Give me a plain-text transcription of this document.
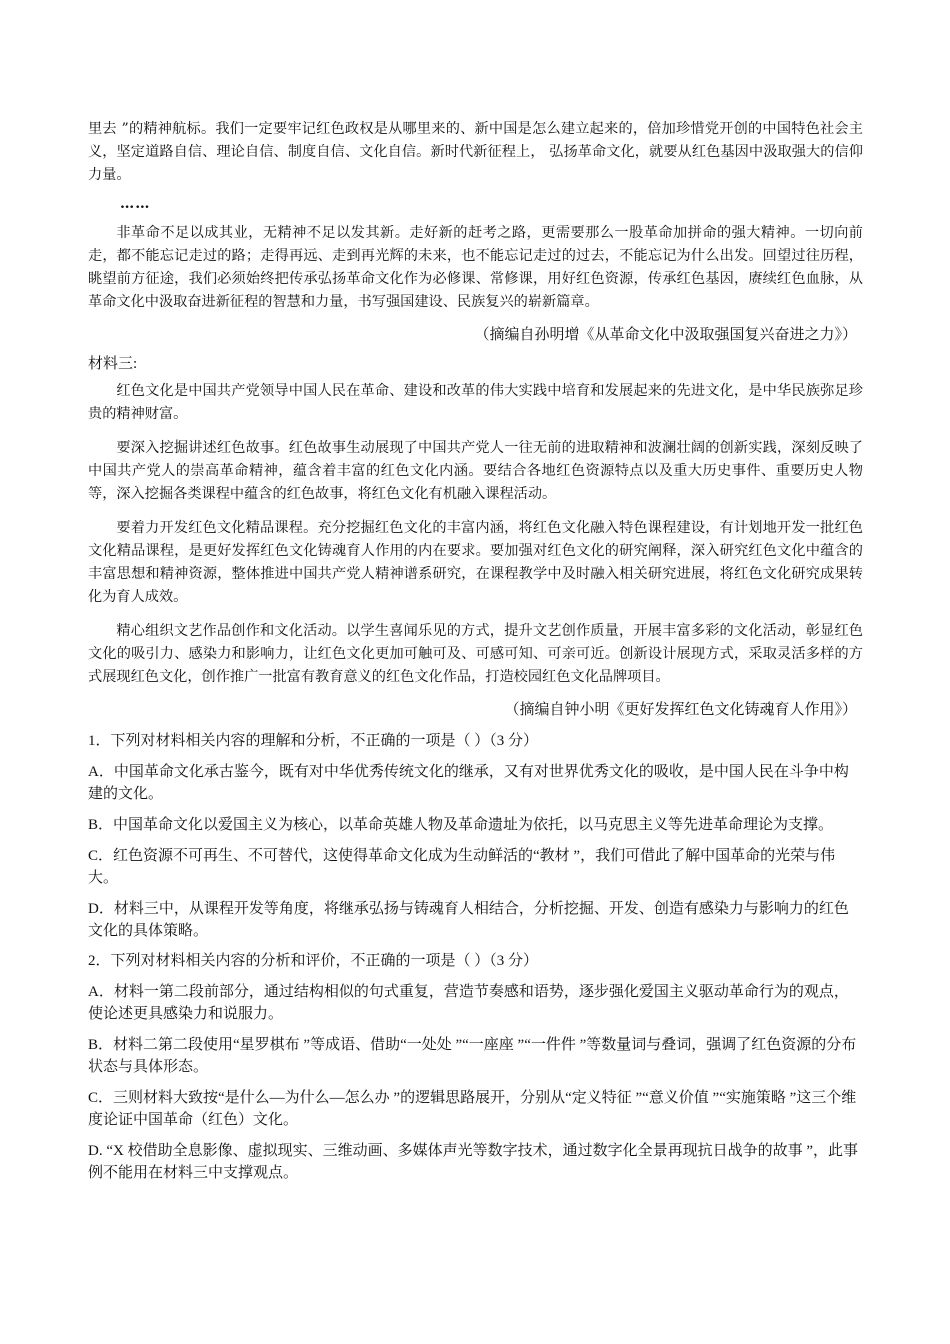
里去 ”的精神航标。我们一定要牢记红色政权是从哪里来的、新中国是怎么建立起来的，倍加珍惜党开创的中国特色社会主义，坚定道路自信、理论自信、制度自信、文化自信。新时代新征程上， 弘扬革命文化，就要从红色基因中汲取强大的信仰力量。

……

非革命不足以成其业，无精神不足以发其新。走好新的赶考之路，更需要那么一股革命加拼命的强大精神。一切向前走，都不能忘记走过的路；走得再远、走到再光辉的未来，也不能忘记走过的过去，不能忘记为什么出发。回望过往历程， 眺望前方征途，我们必须始终把传承弘扬革命文化作为必修课、常修课，用好红色资源，传承红色基因，赓续红色血脉，从革命文化中汲取奋进新征程的智慧和力量，书写强国建设、民族复兴的崭新篇章。

（摘编自孙明增《从革命文化中汲取强国复兴奋进之力》）

材料三:

红色文化是中国共产党领导中国人民在革命、建设和改革的伟大实践中培育和发展起来的先进文化，是中华民族弥足珍贵的精神财富。

要深入挖掘讲述红色故事。红色故事生动展现了中国共产党人一往无前的进取精神和波澜壮阔的创新实践，深刻反映了中国共产党人的崇高革命精神，蕴含着丰富的红色文化内涵。要结合各地红色资源特点以及重大历史事件、重要历史人物等，深入挖掘各类课程中蕴含的红色故事，将红色文化有机融入课程活动。

要着力开发红色文化精品课程。充分挖掘红色文化的丰富内涵，将红色文化融入特色课程建设，有计划地开发一批红色文化精品课程，是更好发挥红色文化铸魂育人作用的内在要求。要加强对红色文化的研究阐释，深入研究红色文化中蕴含的丰富思想和精神资源，整体推进中国共产党人精神谱系研究，在课程教学中及时融入相关研究进展，将红色文化研究成果转化为育人成效。

精心组织文艺作品创作和文化活动。以学生喜闻乐见的方式，提升文艺创作质量，开展丰富多彩的文化活动，彰显红色文化的吸引力、感染力和影响力，让红色文化更加可触可及、可感可知、可亲可近。创新设计展现方式，采取灵活多样的方式展现红色文化，创作推广一批富有教育意义的红色文化作品，打造校园红色文化品牌项目。

（摘编自钟小明《更好发挥红色文化铸魂育人作用》）

1．下列对材料相关内容的理解和分析，不正确的一项是（ ）（3 分）

A．中国革命文化承古鉴今，既有对中华优秀传统文化的继承，又有对世界优秀文化的吸收，是中国人民在斗争中构建的文化。

B．中国革命文化以爱国主义为核心，以革命英雄人物及革命遗址为依托，以马克思主义等先进革命理论为支撑。

C．红色资源不可再生、不可替代，这使得革命文化成为生动鲜活的“教材 ”，我们可借此了解中国革命的光荣与伟大。

D．材料三中，从课程开发等角度，将继承弘扬与铸魂育人相结合，分析挖掘、开发、创造有感染力与影响力的红色文化的具体策略。

2．下列对材料相关内容的分析和评价，不正确的一项是（ ）（3 分）

A．材料一第二段前部分，通过结构相似的句式重复，营造节奏感和语势，逐步强化爱国主义驱动革命行为的观点，使论述更具感染力和说服力。

B．材料二第二段使用“星罗棋布 ”等成语、借助“一处处 ”“一座座 ”“一件件 ”等数量词与叠词，强调了红色资源的分布状态与具体形态。

C．三则材料大致按“是什么—为什么—怎么办 ”的逻辑思路展开，分别从“定义特征 ”“意义价值 ”“实施策略 ”这三个维度论证中国革命（红色）文化。

D. “X 校借助全息影像、虚拟现实、三维动画、多媒体声光等数字技术，通过数字化全景再现抗日战争的故事 ”，此事例不能用在材料三中支撑观点。
